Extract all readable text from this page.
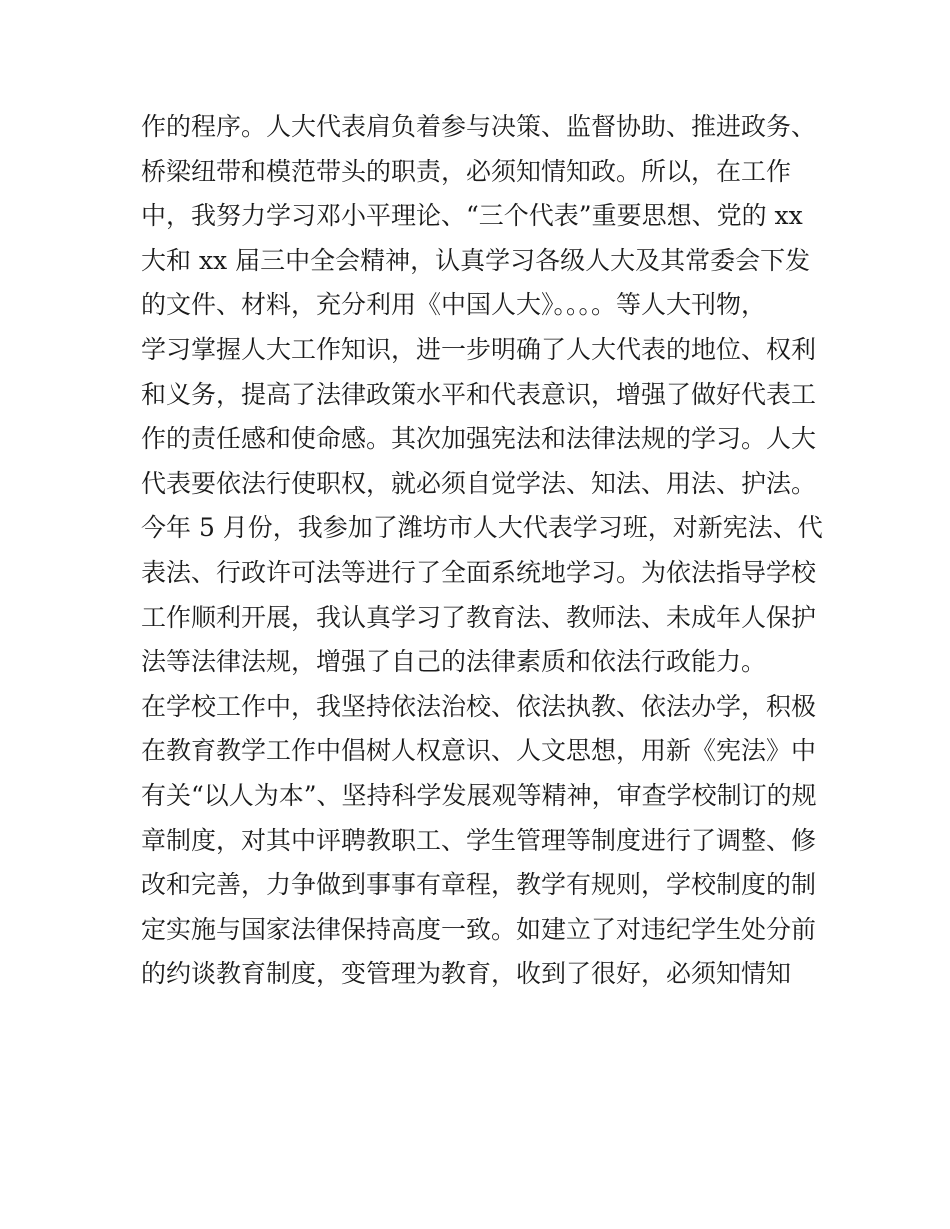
作的程序。人大代表肩负着参与决策、监督协助、推进政务、
桥梁纽带和模范带头的职责，必须知情知政。所以，在工作
中，我努力学习邓小平理论、“三个代表”重要思想、党的 xx
大和 xx 届三中全会精神，认真学习各级人大及其常委会下发
的文件、材料，充分利用《中国人大》。。。。等人大刊物，
学习掌握人大工作知识，进一步明确了人大代表的地位、权利
和义务，提高了法律政策水平和代表意识，增强了做好代表工
作的责任感和使命感。其次加强宪法和法律法规的学习。人大
代表要依法行使职权，就必须自觉学法、知法、用法、护法。
今年 5 月份，我参加了潍坊市人大代表学习班，对新宪法、代
表法、行政许可法等进行了全面系统地学习。为依法指导学校
工作顺利开展，我认真学习了教育法、教师法、未成年人保护
法等法律法规，增强了自己的法律素质和依法行政能力。
在学校工作中，我坚持依法治校、依法执教、依法办学，积极
在教育教学工作中倡树人权意识、人文思想，用新《宪法》中
有关“以人为本”、坚持科学发展观等精神，审查学校制订的规
章制度，对其中评聘教职工、学生管理等制度进行了调整、修
改和完善，力争做到事事有章程，教学有规则，学校制度的制
定实施与国家法律保持高度一致。如建立了对违纪学生处分前
的约谈教育制度，变管理为教育，收到了很好，必须知情知
